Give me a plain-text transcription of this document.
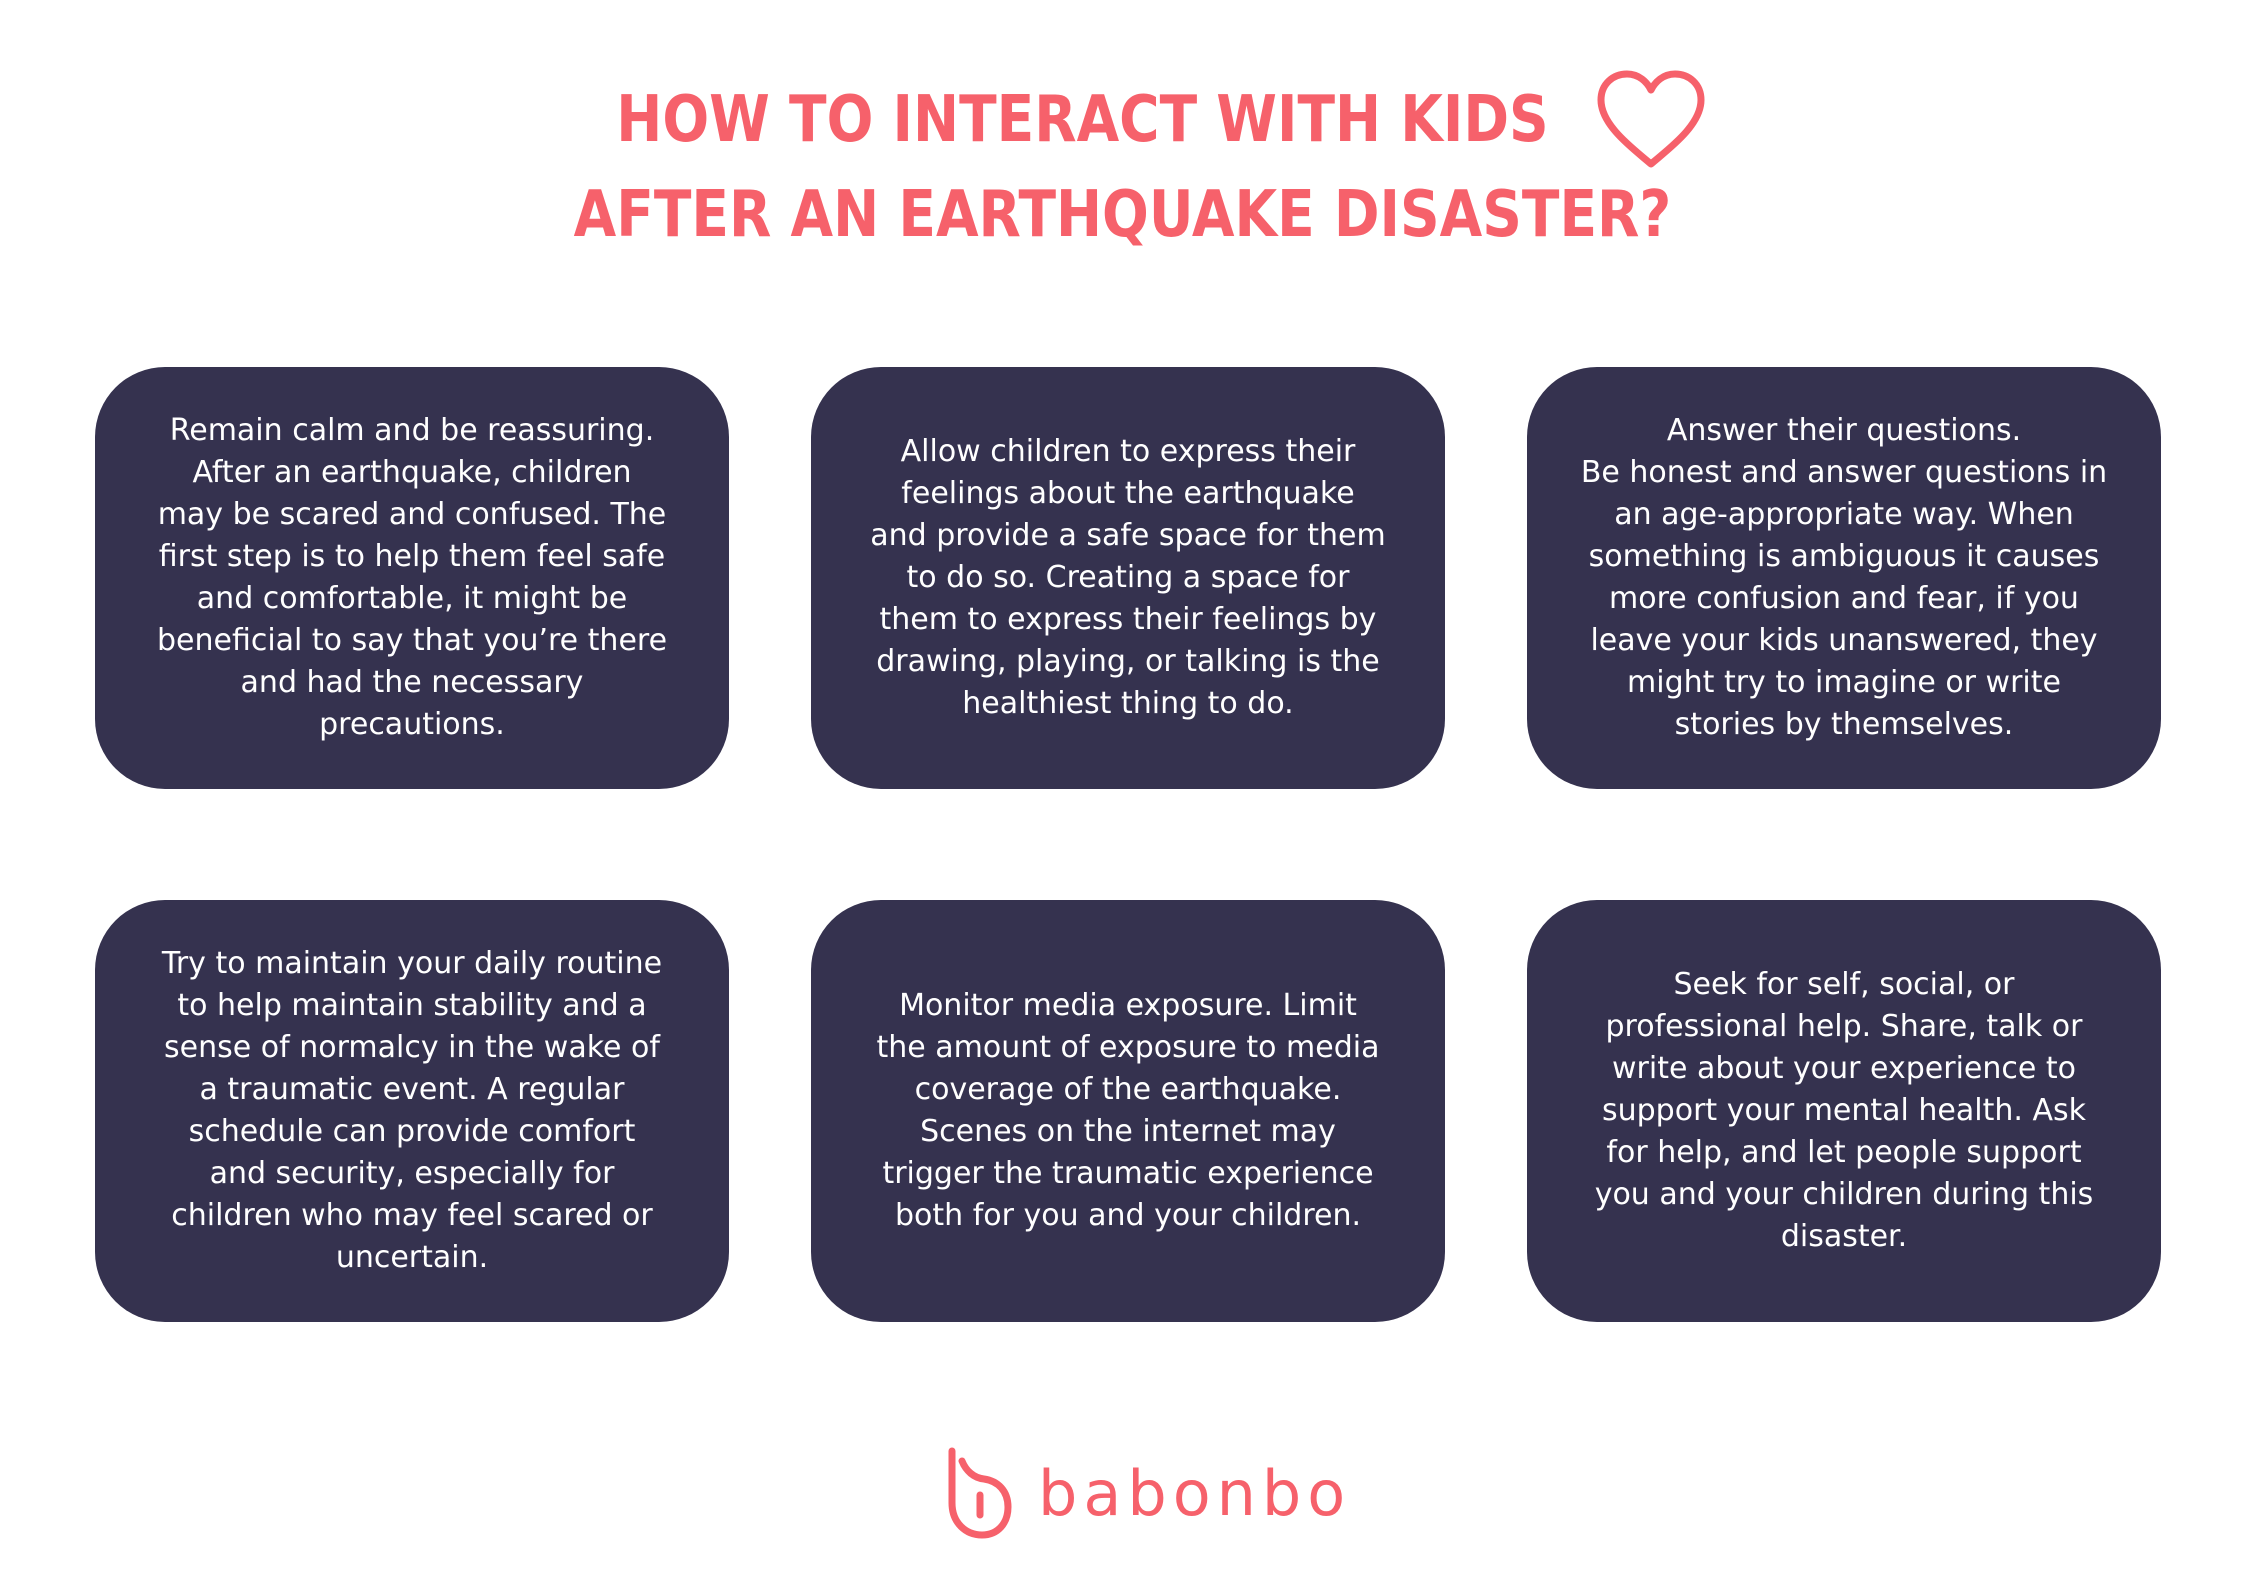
HOW TO INTERACT WITH KIDS
AFTER AN EARTHQUAKE DISASTER?
Remain calm and be reassuring.
After an earthquake, children
may be scared and confused. The
first step is to help them feel safe
and comfortable, it might be
beneficial to say that you’re there
and had the necessary
precautions.
Allow children to express their
feelings about the earthquake
and provide a safe space for them
to do so. Creating a space for
them to express their feelings by
drawing, playing, or talking is the
healthiest thing to do.
Answer their questions.
Be honest and answer questions in
an age-appropriate way. When
something is ambiguous it causes
more confusion and fear, if you
leave your kids unanswered, they
might try to imagine or write
stories by themselves.
Try to maintain your daily routine
to help maintain stability and a
sense of normalcy in the wake of
a traumatic event. A regular
schedule can provide comfort
and security, especially for
children who may feel scared or
uncertain.
Monitor media exposure. Limit
the amount of exposure to media
coverage of the earthquake.
Scenes on the internet may
trigger the traumatic experience
both for you and your children.
Seek for self, social, or
professional help. Share, talk or
write about your experience to
support your mental health. Ask
for help, and let people support
you and your children during this
disaster.
babonbo
